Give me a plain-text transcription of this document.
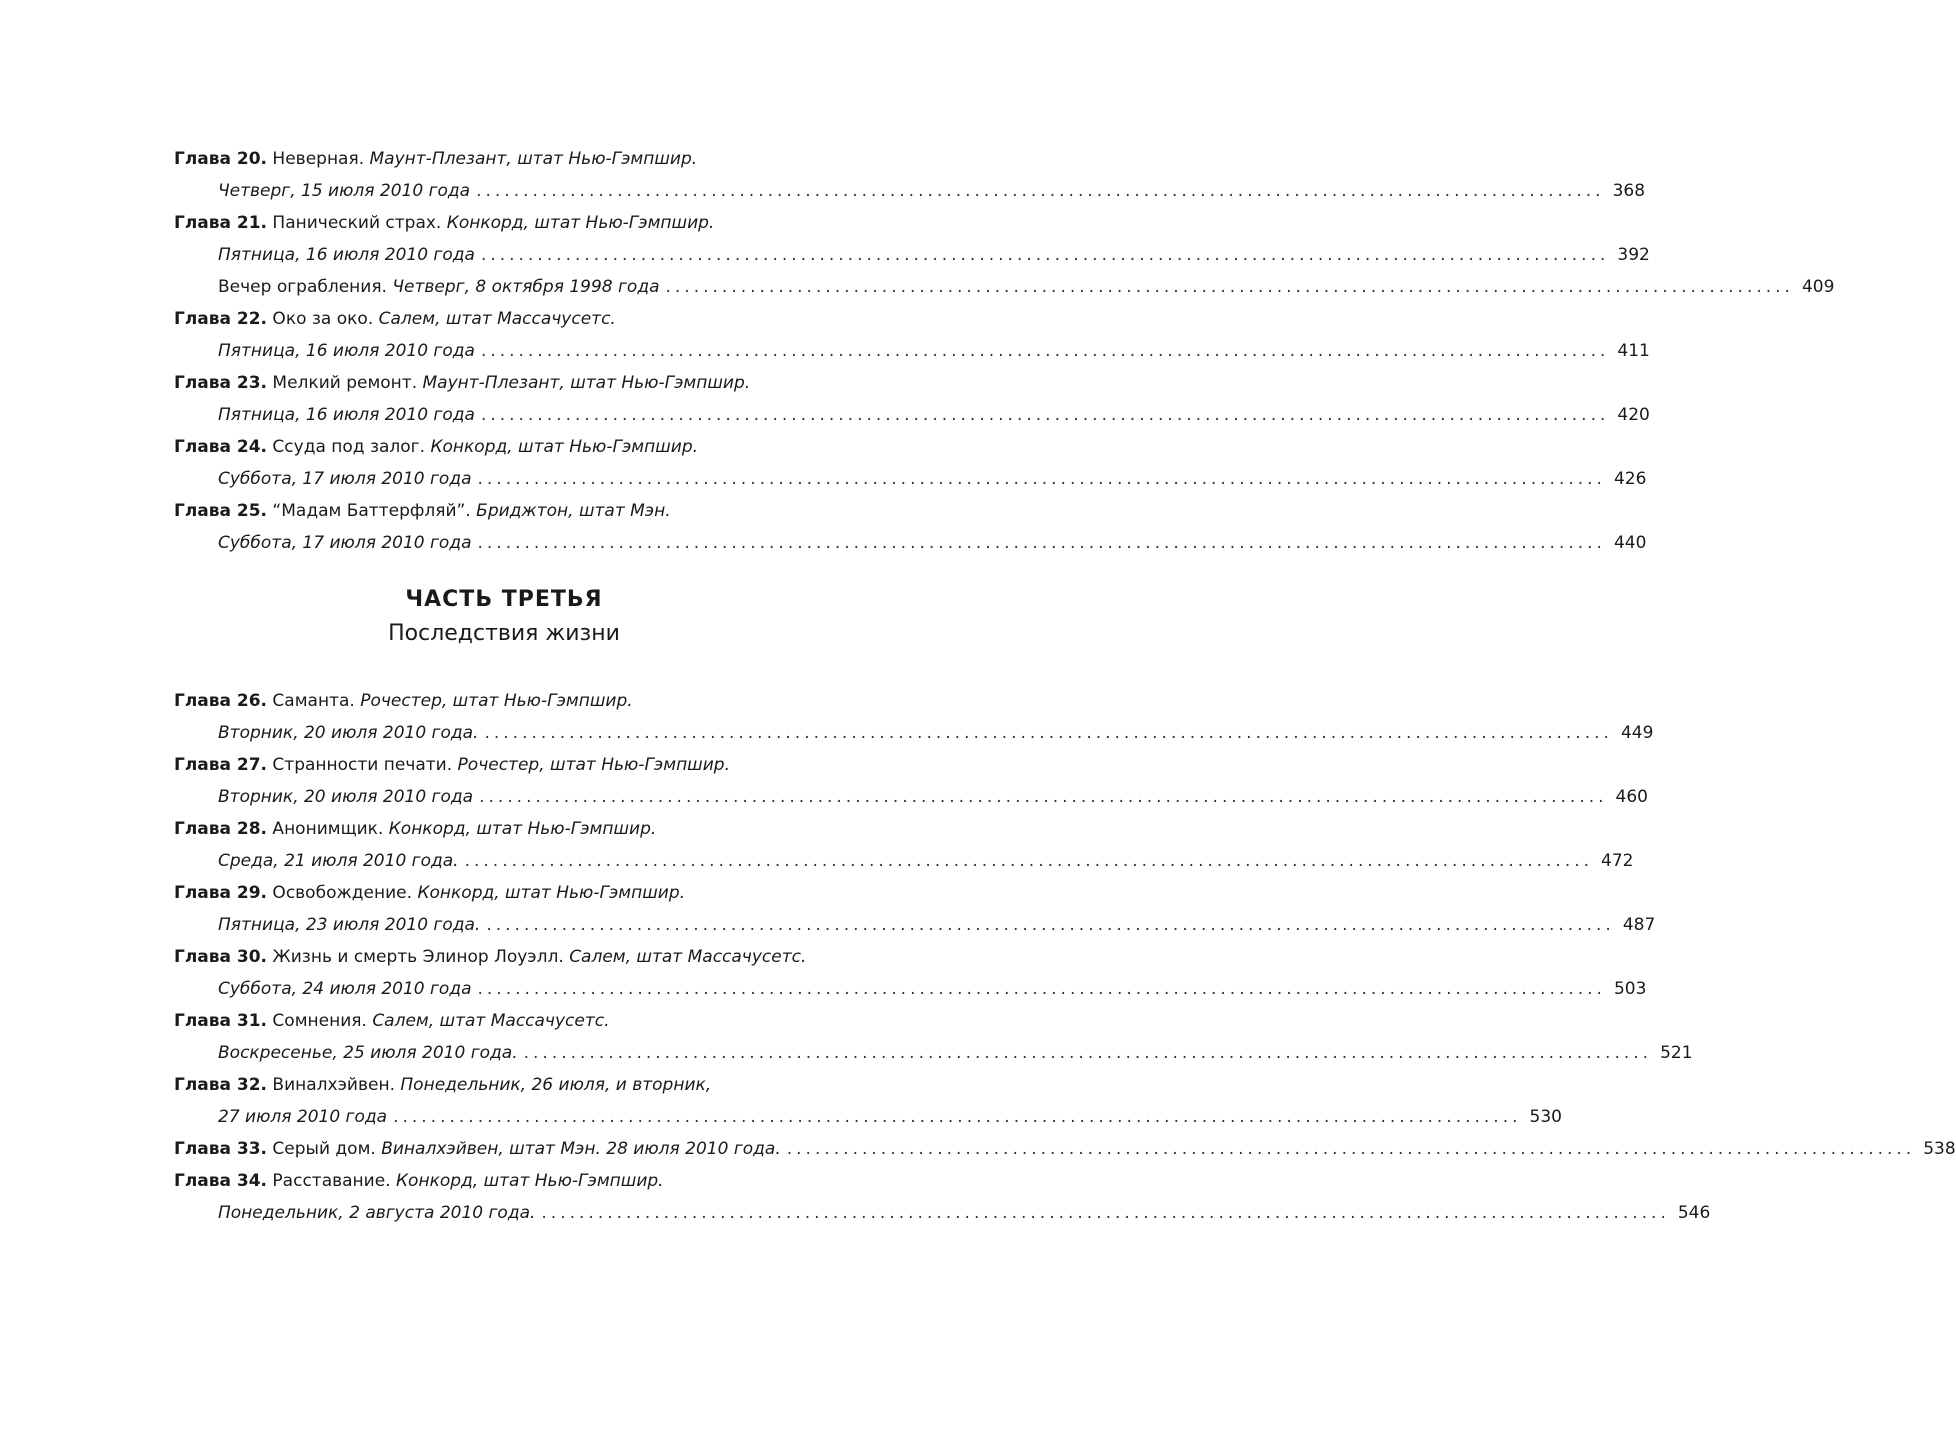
Глава 20. Неверная. Маунт-Плезант, штат Нью-Гэмпшир.
Четверг, 15 июля 2010 года ........................................................................................................................ 368
Глава 21. Панический страх. Конкорд, штат Нью-Гэмпшир.
Пятница, 16 июля 2010 года ........................................................................................................................ 392
Вечер ограбления. Четверг, 8 октября 1998 года ........................................................................................................................ 409
Глава 22. Око за око. Салем, штат Массачусетс.
Пятница, 16 июля 2010 года ........................................................................................................................ 411
Глава 23. Мелкий ремонт. Маунт-Плезант, штат Нью-Гэмпшир.
Пятница, 16 июля 2010 года ........................................................................................................................ 420
Глава 24. Ссуда под залог. Конкорд, штат Нью-Гэмпшир.
Суббота, 17 июля 2010 года ........................................................................................................................ 426
Глава 25. “Мадам Баттерфляй”. Бриджтон, штат Мэн.
Суббота, 17 июля 2010 года ........................................................................................................................ 440
ЧАСТЬ ТРЕТЬЯ
Последствия жизни
Глава 26. Саманта. Рочестер, штат Нью-Гэмпшир.
Вторник, 20 июля 2010 года. ........................................................................................................................ 449
Глава 27. Странности печати. Рочестер, штат Нью-Гэмпшир.
Вторник, 20 июля 2010 года ........................................................................................................................ 460
Глава 28. Анонимщик. Конкорд, штат Нью-Гэмпшир.
Среда, 21 июля 2010 года. ........................................................................................................................ 472
Глава 29. Освобождение. Конкорд, штат Нью-Гэмпшир.
Пятница, 23 июля 2010 года. ........................................................................................................................ 487
Глава 30. Жизнь и смерть Элинор Лоуэлл. Салем, штат Массачусетс.
Суббота, 24 июля 2010 года ........................................................................................................................ 503
Глава 31. Сомнения. Салем, штат Массачусетс.
Воскресенье, 25 июля 2010 года. ........................................................................................................................ 521
Глава 32. Виналхэйвен. Понедельник, 26 июля, и вторник,
27 июля 2010 года ........................................................................................................................ 530
Глава 33. Серый дом. Виналхэйвен, штат Мэн. 28 июля 2010 года. ........................................................................................................................ 538
Глава 34. Расставание. Конкорд, штат Нью-Гэмпшир.
Понедельник, 2 августа 2010 года. ........................................................................................................................ 546
